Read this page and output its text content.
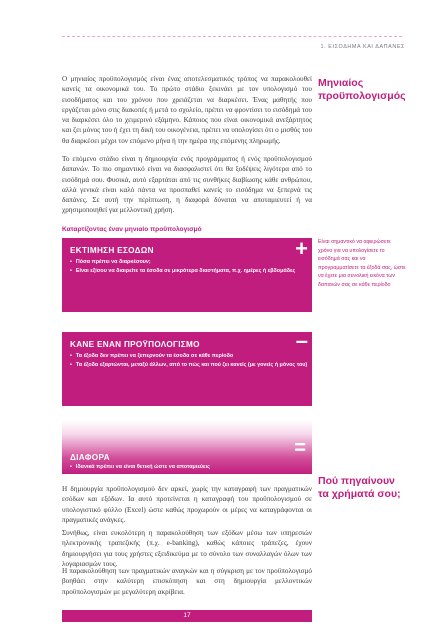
1. ΕΙΣΟΔΗΜΑ ΚΑΙ ΔΑΠΑΝΕΣ

Ο μηνιαίος προϋπολογισμός είναι ένας αποτελεσματικός τρόπος να παρακολουθεί κανείς τα οικονομικά του. Το πρώτο στάδιο ξεκινάει με τον υπολογισμό του εισοδήματος και του χρόνου που χρειάζεται να διαρκέσει. Ένας μαθητής που εργάζεται μόνο στις διακοπές ή μετά το σχολείο, πρέπει να φροντίσει το εισόδημά του να διαρκέσει όλο το χειμερινό εξάμηνο. Κάποιος που είναι οικονομικά ανεξάρτητος και ζει μόνος του ή έχει τη δική του οικογένεια, πρέπει να υπολογίσει ότι ο μισθός του θα διαρκέσει μέχρι τον επόμενο μήνα ή την ημέρα της επόμενης πληρωμής.

Μηνιαίος προϋπολογισμός

Το επόμενο στάδιο είναι η δημιουργία ενός προγράμματος ή ενός προϋπολογισμού δαπανών. Το πιο σημαντικό είναι να διασφαλιστεί ότι θα ξοδέψεις λιγότερα από το εισόδημά σου. Φυσικά, αυτό εξαρτάται από τις συνθήκες διαβίωσης κάθε ανθρώπου, αλλά γενικά είναι καλό πάντα να προσπαθεί κανείς το εισόδημα να ξεπερνά τις δαπάνες. Σε αυτή την περίπτωση, η διαφορά δύναται να αποταμιευτεί ή να χρησιμοποιηθεί για μελλοντική χρήση.

Καταρτίζοντας έναν μηνιαίο προϋπολογισμό
ΕΚΤΙΜΗΣΗ ΕΣΟΔΩΝ
• Πόσα πρέπει να διαρκέσουν;
• Είναι εξίσου να διαιρείτε τα έσοδα σε μικρότερα διαστήματα, π.χ. ημέρες ή εβδομάδες
+ Είναι σημαντικό να αφιερώσετε χρόνο για να υπολογίσετε το εισόδημά σας και να προγραμματίσετε τα έξοδά σας, ώστε να έχετε μια συνολική εικόνα των δαπανών σας σε κάθε περίοδο
ΚΑΝΕ ΕΝΑΝ ΠΡΟΫΠΟΛΟΓΙΣΜΟ
• Τα έξοδα δεν πρέπει να ξεπερνούν τα έσοδα σε κάθε περίοδο
• Τα έξοδα εξαρτώνται, μεταξύ άλλων, από το πώς και πού ζει κανείς (με γονείς ή μόνος του)
–
ΔΙΑΦΟΡΑ
• Ιδανικά πρέπει να είναι θετική ώστε να αποταμιεύεις
=

Η δημιουργία προϋπολογισμού δεν αρκεί, χωρίς την καταγραφή των πραγματικών εσόδων και εξόδων. Ια αυτό προτείνεται η καταγραφή του προϋπολογισμού σε υπολογιστικό φύλλο (Excel) ώστε καθώς προχωρούν οι μέρες να καταγράφονται οι πραγματικές ανάγκες.

Πού πηγαίνουν τα χρήματά σου;

Συνήθως, είναι ευκολότερη η παρακολούθηση των εξόδων μέσω των υπηρεσιών ηλεκτρονικής τραπεζικής (π.χ. e-banking), καθώς κάποιες τράπεζες, έχουν δημιουργήσει για τους χρήστες εξειδικεύμα με το σύνολο των συναλλαγών όλων των λογαριασμών τους.

Η παρακολούθηση των πραγματικών αναγκών και η σύγκριση με τον προϋπολογισμό βοηθάει στην καλύτερη επισκόπηση και στη δημιουργία μελλοντικών προϋπολογισμών με μεγαλύτερη ακρίβεια.

17
